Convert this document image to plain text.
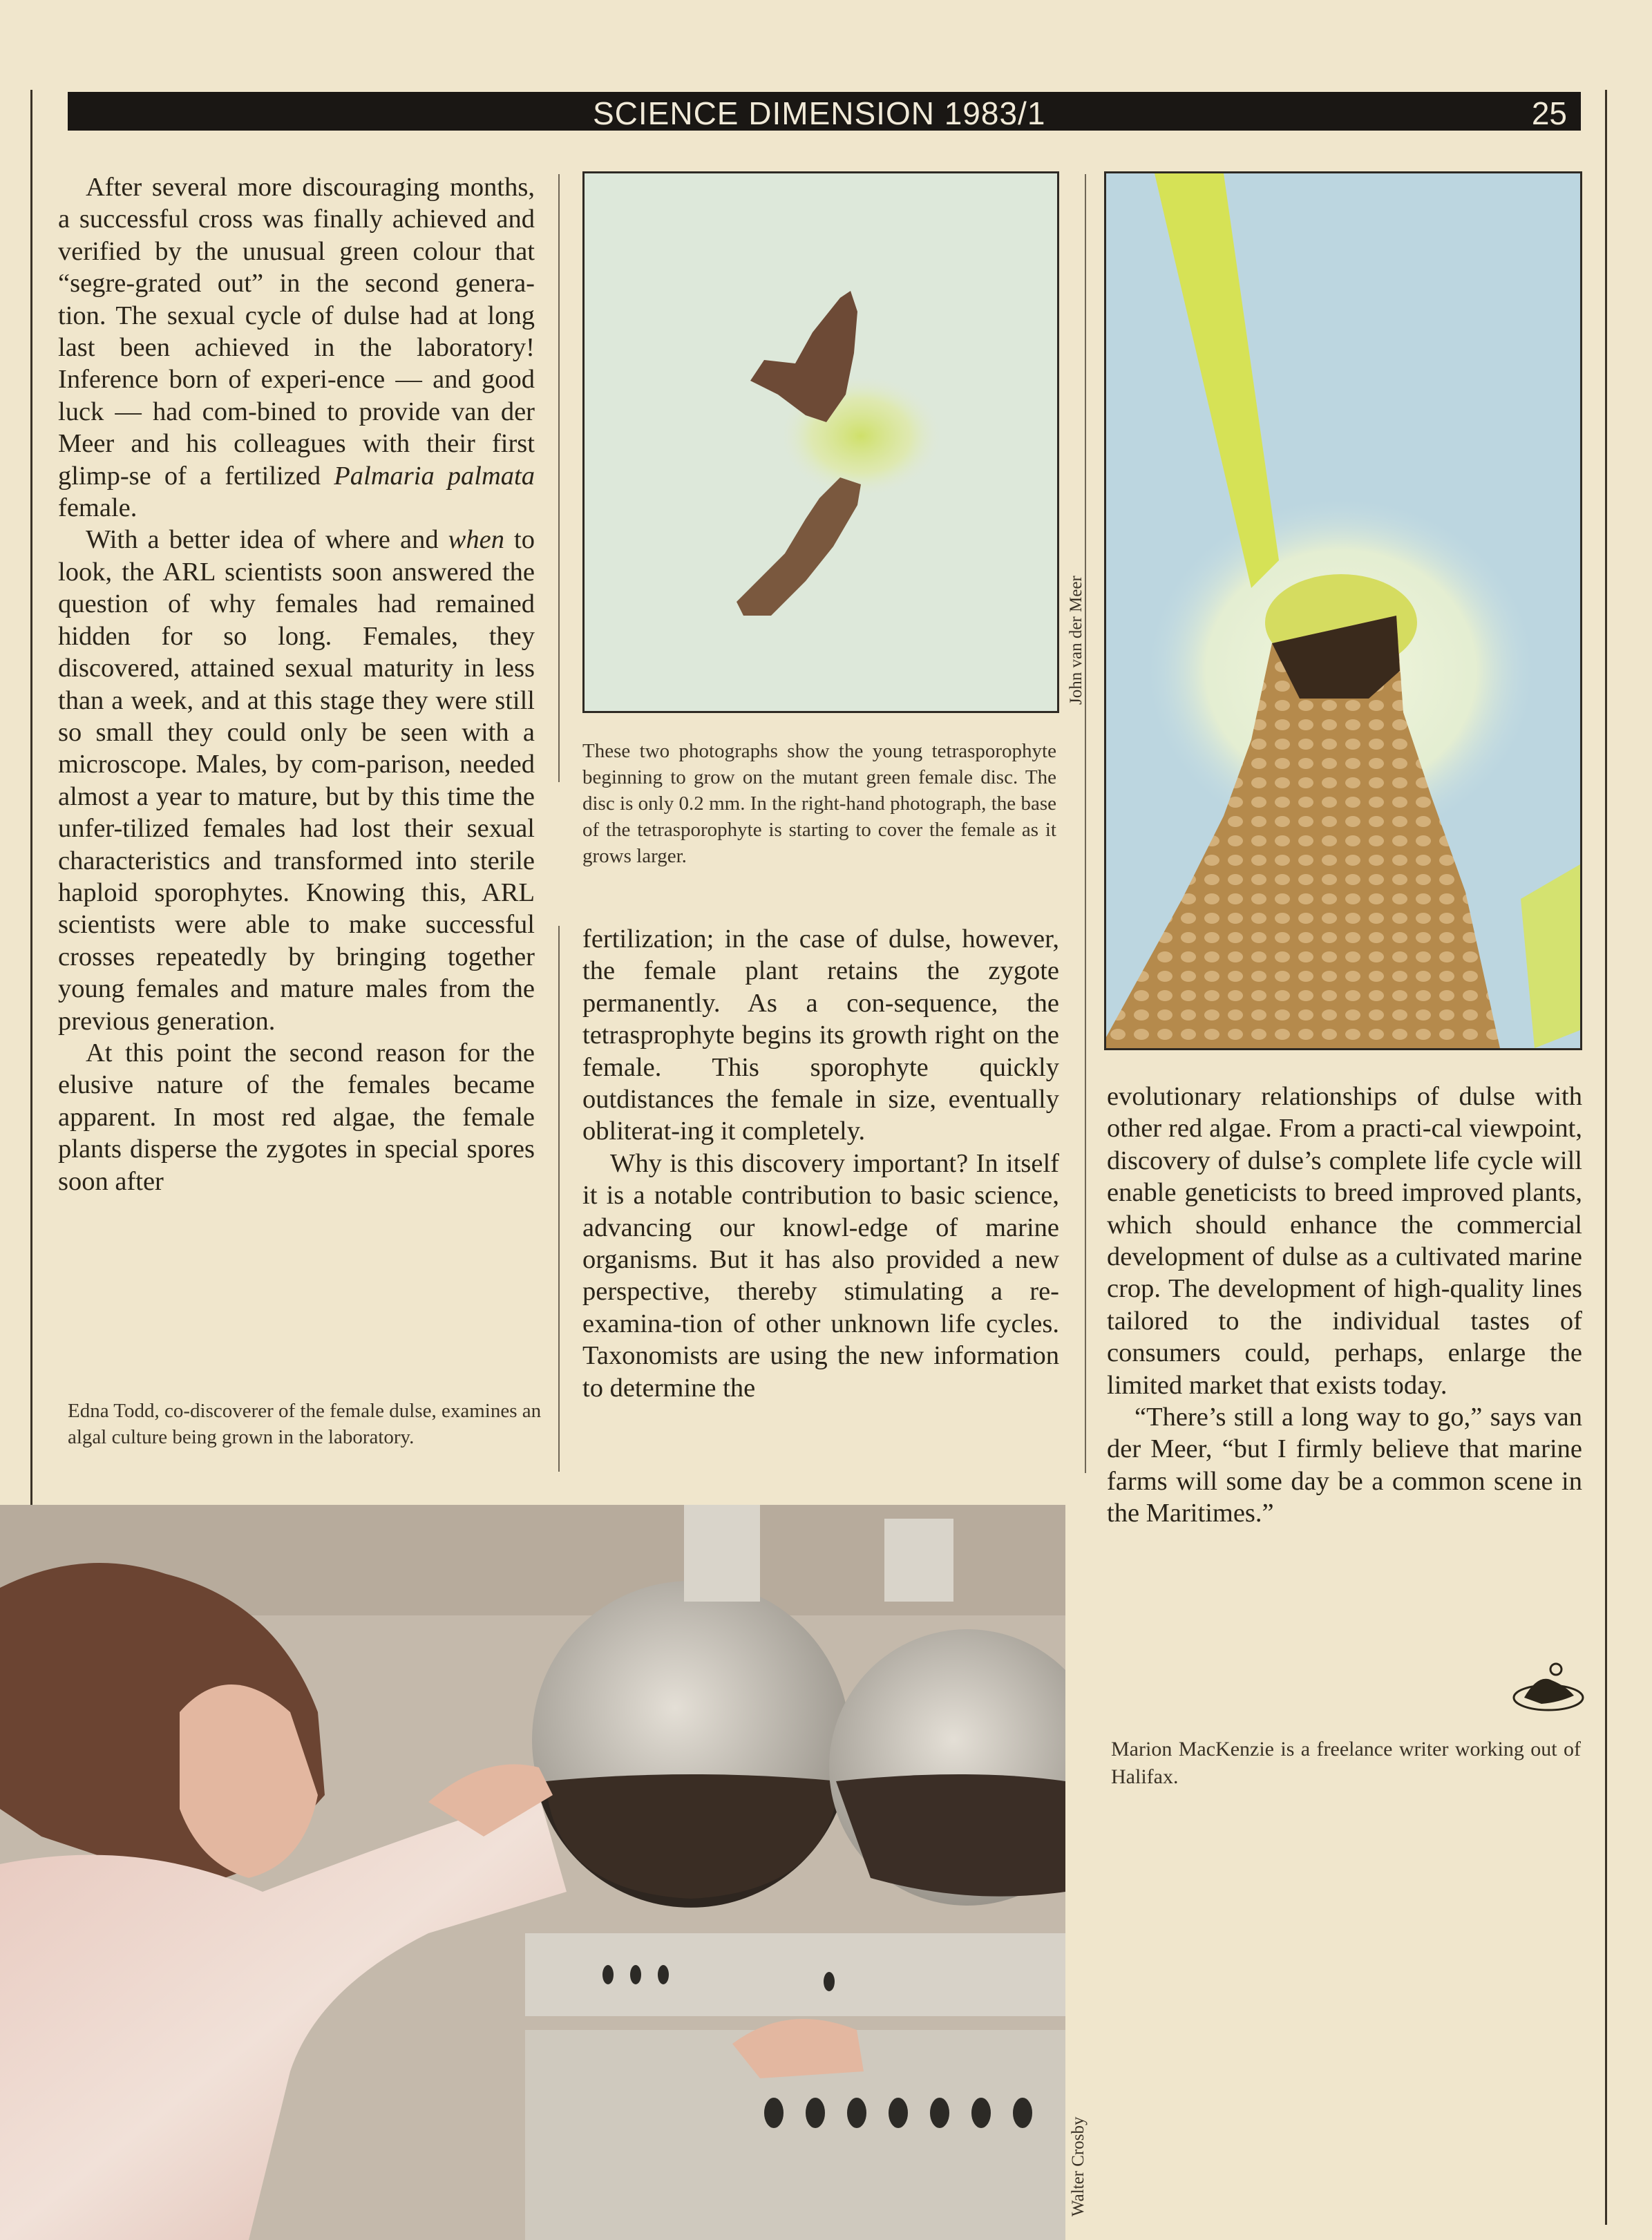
SCIENCE DIMENSION 1983/1	25

After several more discouraging months, a successful cross was finally achieved and verified by the unusual green colour that “segre-grated out” in the second genera-tion. The sexual cycle of dulse had at long last been achieved in the laboratory! Inference born of experi-ence — and good luck — had com-bined to provide van der Meer and his colleagues with their first glimp-se of a fertilized Palmaria palmata female.

With a better idea of where and when to look, the ARL scientists soon answered the question of why females had remained hidden for so long. Females, they discovered, attained sexual maturity in less than a week, and at this stage they were still so small they could only be seen with a microscope. Males, by com-parison, needed almost a year to mature, but by this time the unfer-tilized females had lost their sexual characteristics and transformed into sterile haploid sporophytes. Knowing this, ARL scientists were able to make successful crosses repeatedly by bringing together young females and mature males from the previous generation.

At this point the second reason for the elusive nature of the females became apparent. In most red algae, the female plants disperse the zygotes in special spores soon after

John van der Meer
These two photographs show the young tetrasporophyte beginning to grow on the mutant green female disc. The disc is only 0.2 mm. In the right-hand photograph, the base of the tetrasporophyte is starting to cover the female as it grows larger.

fertilization; in the case of dulse, however, the female plant retains the zygote permanently. As a con-sequence, the tetrasprophyte begins its growth right on the female. This sporophyte quickly outdistances the female in size, eventually obliterat-ing it completely.

Why is this discovery important? In itself it is a notable contribution to basic science, advancing our knowl-edge of marine organisms. But it has also provided a new perspective, thereby stimulating a re-examina-tion of other unknown life cycles. Taxonomists are using the new information to determine the

evolutionary relationships of dulse with other red algae. From a practi-cal viewpoint, discovery of dulse’s complete life cycle will enable geneticists to breed improved plants, which should enhance the commercial development of dulse as a cultivated marine crop. The development of high-quality lines tailored to the individual tastes of consumers could, perhaps, enlarge the limited market that exists today.

“There’s still a long way to go,” says van der Meer, “but I firmly believe that marine farms will some day be a common scene in the Maritimes.”

Marion MacKenzie is a freelance writer working out of Halifax.
Edna Todd, co-discoverer of the female dulse, examines an algal culture being grown in the laboratory.
Walter Crosby
